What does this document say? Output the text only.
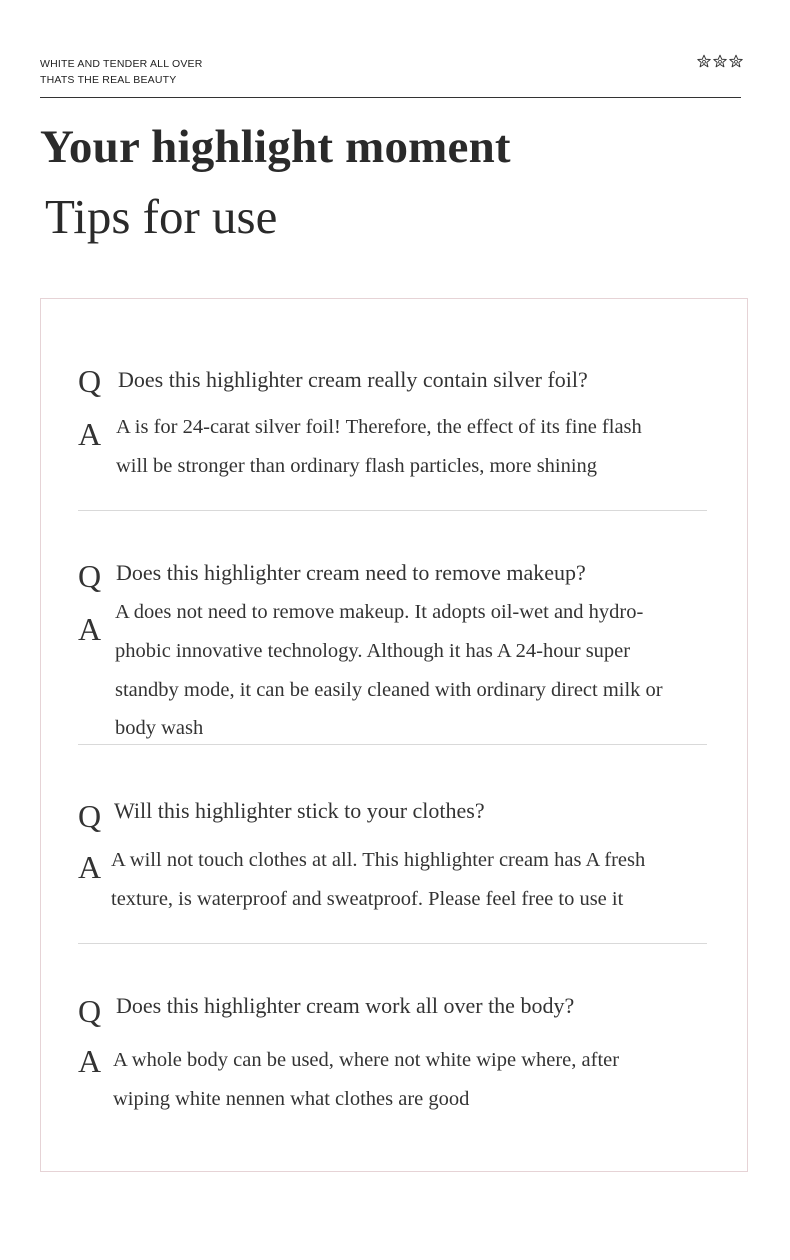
WHITE AND TENDER ALL OVER
THATS THE REAL BEAUTY
Your highlight moment
Tips for use
Q Does this highlighter cream really contain silver foil?
A A is for 24-carat silver foil! Therefore, the effect of its fine flash
will be stronger than ordinary flash particles, more shining
Q Does this highlighter cream need to remove makeup?
A A does not need to remove makeup. It adopts oil-wet and hydro-
phobic innovative technology. Although it has A 24-hour super
standby mode, it can be easily cleaned with ordinary direct milk or
body wash
Q Will this highlighter stick to your clothes?
A A will not touch clothes at all. This highlighter cream has A fresh
texture, is waterproof and sweatproof. Please feel free to use it
Q Does this highlighter cream work all over the body?
A A whole body can be used, where not white wipe where, after
wiping white nennen what clothes are good
